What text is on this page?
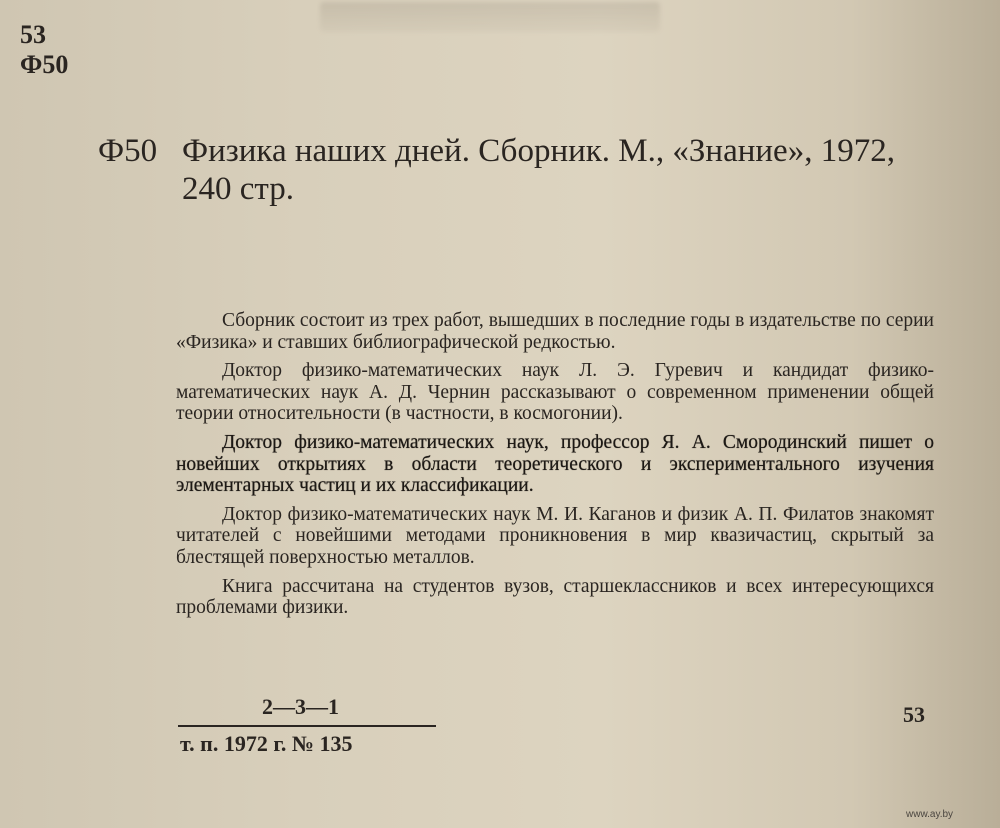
53
Ф50
Ф50 Физика наших дней. Сборник. М., «Знание», 1972,
240 стр.

Сборник состоит из трех работ, вышедших в последние годы в издательстве по серии «Физика» и ставших библиографической редкостью.

Доктор физико-математических наук Л. Э. Гуревич и кандидат физико-математических наук А. Д. Чернин рассказывают о современном применении общей теории относительности (в частности, в космогонии).

Доктор физико-математических наук, профессор Я. А. Смородинский пишет о новейших открытиях в области теоретического и экспериментального изучения элементарных частиц и их классификации.

Доктор физико-математических наук М. И. Каганов и физик А. П. Филатов знакомят читателей с новейшими методами проникновения в мир квазичастиц, скрытый за блестящей поверхностью металлов.

Книга рассчитана на студентов вузов, старшеклассников и всех интересующихся проблемами физики.

2—3—1
т. п. 1972 г. № 135
53
www.ay.by
